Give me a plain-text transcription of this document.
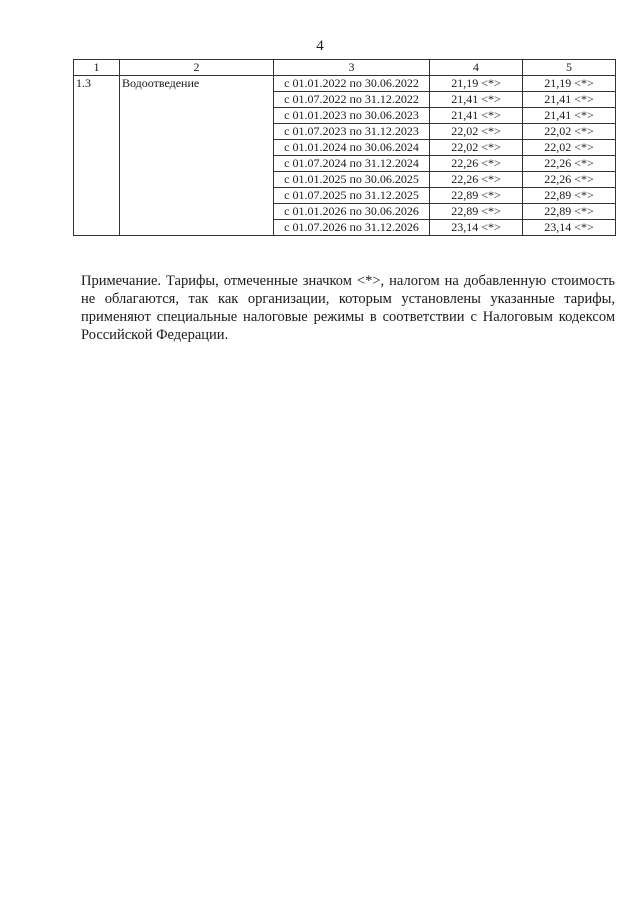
4
1	2	3	4	5
1.3	Водоотведение	с 01.01.2022 по 30.06.2022	21,19 <*>	21,19 <*>
		с 01.07.2022 по 31.12.2022	21,41 <*>	21,41 <*>
		с 01.01.2023 по 30.06.2023	21,41 <*>	21,41 <*>
		с 01.07.2023 по 31.12.2023	22,02 <*>	22,02 <*>
		с 01.01.2024 по 30.06.2024	22,02 <*>	22,02 <*>
		с 01.07.2024 по 31.12.2024	22,26 <*>	22,26 <*>
		с 01.01.2025 по 30.06.2025	22,26 <*>	22,26 <*>
		с 01.07.2025 по 31.12.2025	22,89 <*>	22,89 <*>
		с 01.01.2026 по 30.06.2026	22,89 <*>	22,89 <*>
		с 01.07.2026 по 31.12.2026	23,14 <*>	23,14 <*>
Примечание. Тарифы, отмеченные значком <*>, налогом на добавленную стоимость не облагаются, так как организации, которым установлены указанные тарифы, применяют специальные налоговые режимы в соответствии с Налоговым кодексом Российской Федерации.
